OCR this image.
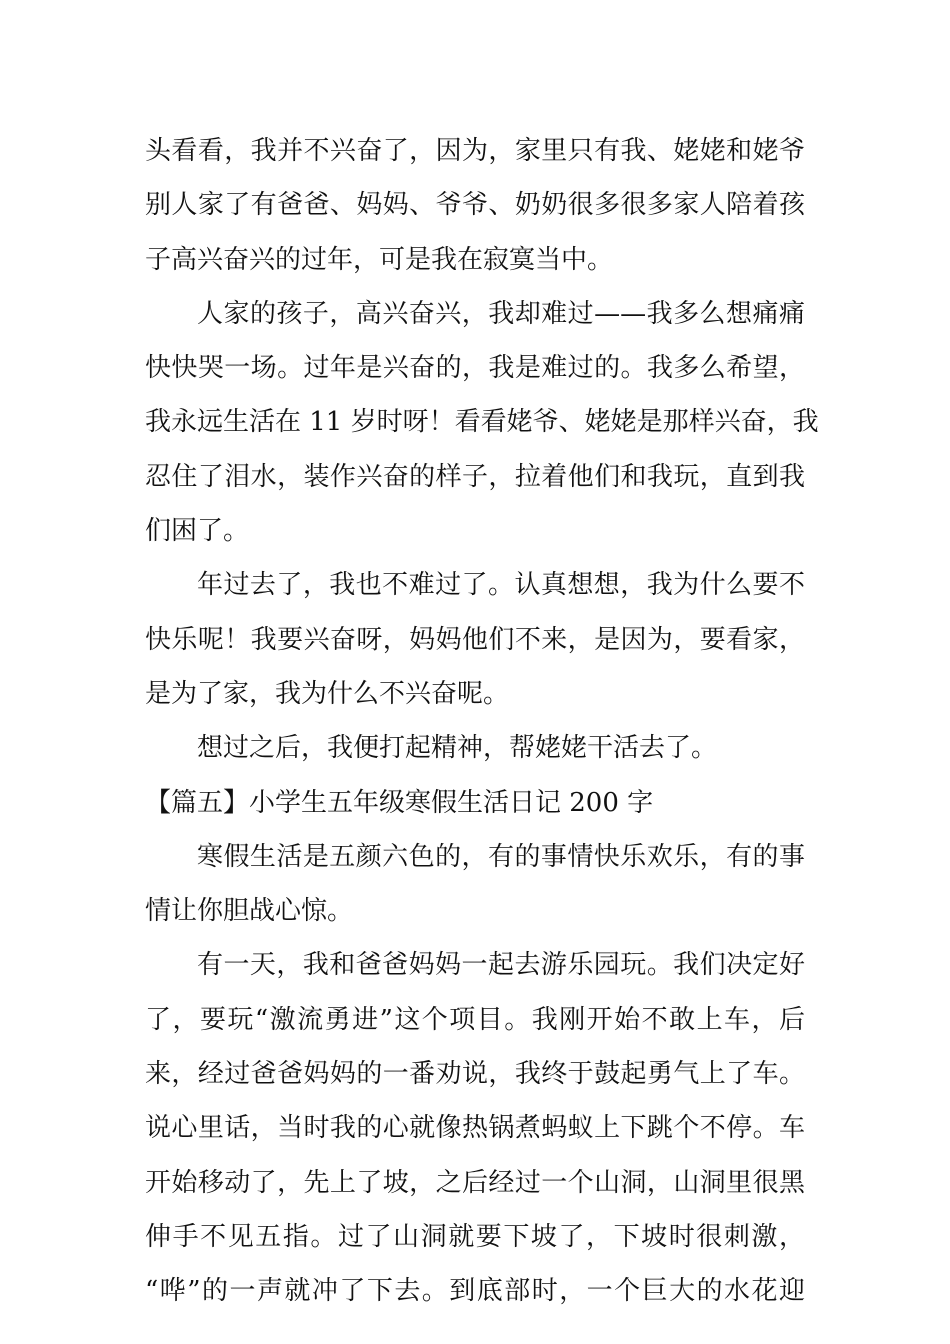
头看看，我并不兴奋了，因为，家里只有我、姥姥和姥爷
别人家了有爸爸、妈妈、爷爷、奶奶很多很多家人陪着孩
子高兴奋兴的过年，可是我在寂寞当中。
人家的孩子，高兴奋兴，我却难过——我多么想痛痛
快快哭一场。过年是兴奋的，我是难过的。我多么希望，
我永远生活在 11 岁时呀！看看姥爷、姥姥是那样兴奋，我
忍住了泪水，装作兴奋的样子，拉着他们和我玩，直到我
们困了。
年过去了，我也不难过了。认真想想，我为什么要不
快乐呢！我要兴奋呀，妈妈他们不来，是因为，要看家，
是为了家，我为什么不兴奋呢。
想过之后，我便打起精神，帮姥姥干活去了。
【篇五】小学生五年级寒假生活日记 200 字
寒假生活是五颜六色的，有的事情快乐欢乐，有的事
情让你胆战心惊。
有一天，我和爸爸妈妈一起去游乐园玩。我们决定好
了，要玩“激流勇进”这个项目。我刚开始不敢上车，后
来，经过爸爸妈妈的一番劝说，我终于鼓起勇气上了车。
说心里话，当时我的心就像热锅煮蚂蚁上下跳个不停。车
开始移动了，先上了坡，之后经过一个山洞，山洞里很黑
伸手不见五指。过了山洞就要下坡了，下坡时很刺激，
“哗”的一声就冲了下去。到底部时，一个巨大的水花迎
